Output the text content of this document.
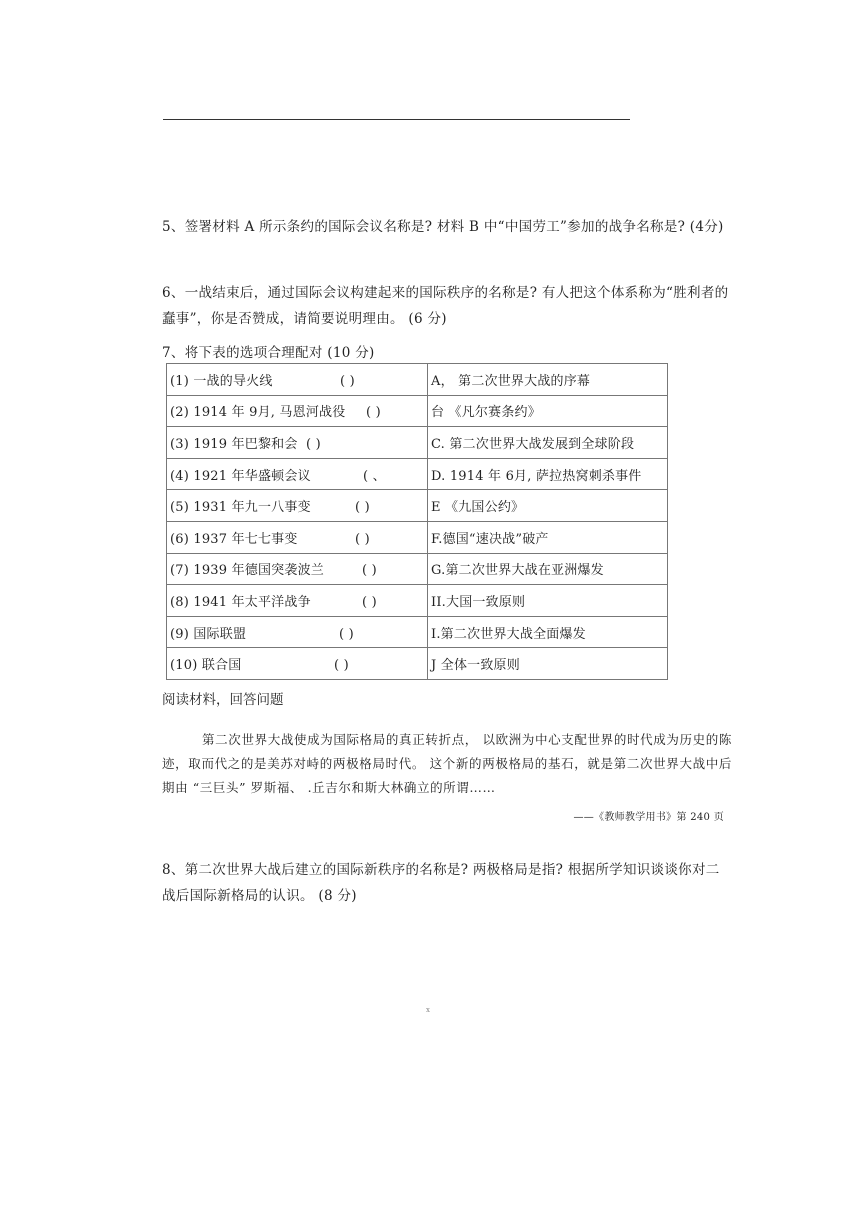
5、签署材料 A 所示条约的国际会议名称是? 材料 B 中“中国劳工”参加的战争名称是? (4分)
6、一战结束后，通过国际会议构建起来的国际秩序的名称是? 有人把这个体系称为“胜利者的蠢事”，你是否赞成，请简要说明理由。 (6 分)
7、将下表的选项合理配对 (10 分)
(1) 一战的导火线 ( )	A， 第二次世界大战的序幕
(2) 1914 年 9月, 马恩河战役 ( )	台 《凡尔赛条约》
(3) 1919 年巴黎和会 ( )	C. 第二次世界大战发展到全球阶段
(4) 1921 年华盛顿会议 ( 、	D. 1914 年 6月, 萨拉热窝刺杀事件
(5) 1931 年九一八事变 ( )	E 《九国公约》
(6) 1937 年七七事变 ( )	F.德国“速决战”破产
(7) 1939 年德国突袭波兰 ( )	G.第二次世界大战在亚洲爆发
(8) 1941 年太平洋战争 ( )	II.大国一致原则
(9) 国际联盟 ( )	I.第二次世界大战全面爆发
(10) 联合国 ( )	J 全体一致原则
阅读材料，回答问题
第二次世界大战使成为国际格局的真正转折点， 以欧洲为中心支配世界的时代成为历史的陈迹，取而代之的是美苏对峙的两极格局时代。 这个新的两极格局的基石，就是第二次世界大战中后期由 “三巨头” 罗斯福、 .丘吉尔和斯大林确立的所谓……
——《教师教学用书》第 240 页
8、第二次世界大战后建立的国际新秩序的名称是? 两极格局是指? 根据所学知识谈谈你对二战后国际新格局的认识。 (8 分)
x
